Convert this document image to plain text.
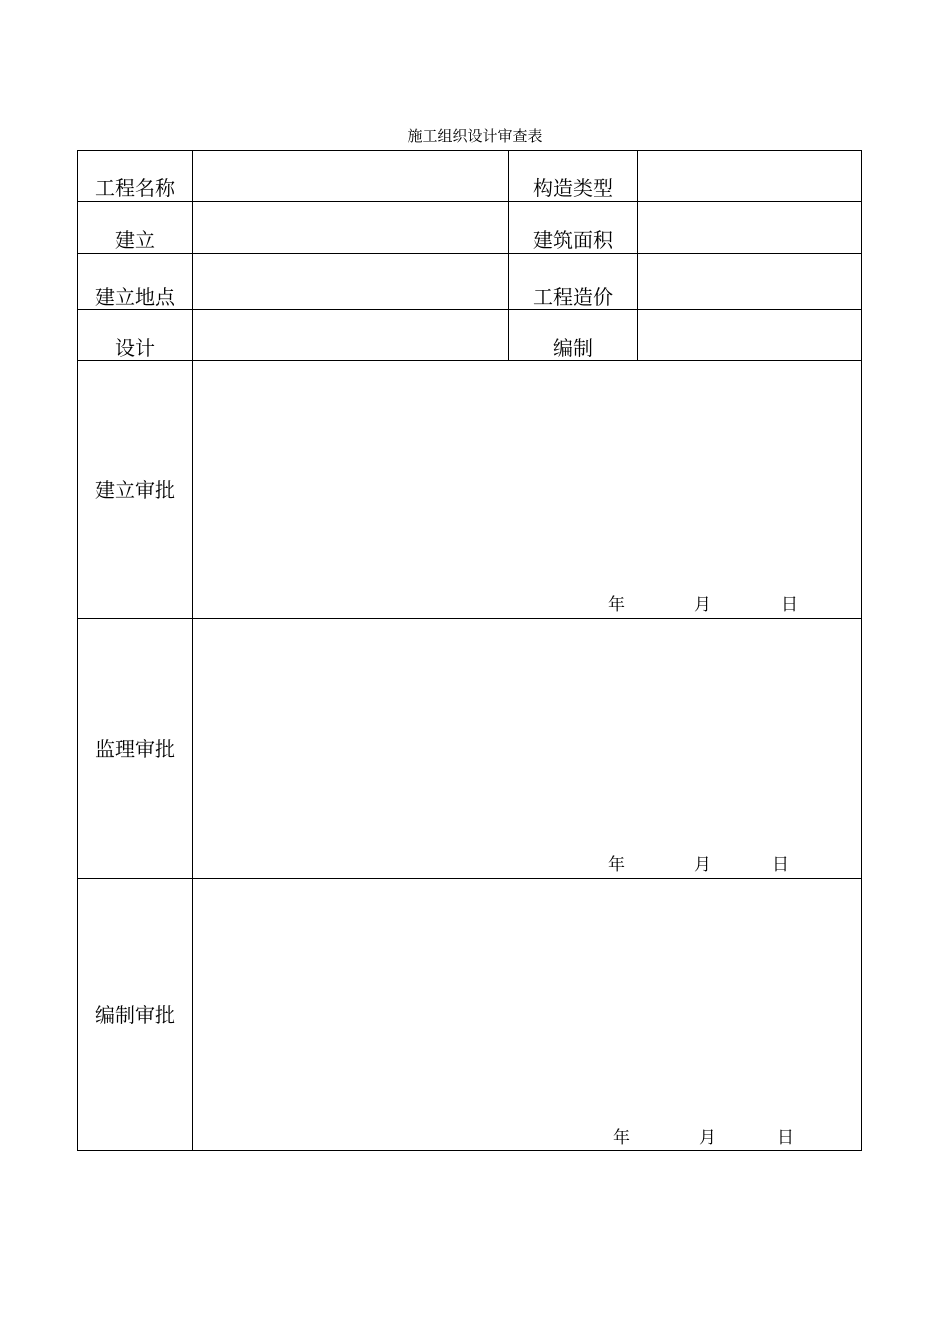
施工组织设计审查表
工程名称	构造类型
建立	建筑面积
建立地点	工程造价
设计	编制
建立审批
年	月	日
监理审批
年	月	日
编制审批
年	月	日
